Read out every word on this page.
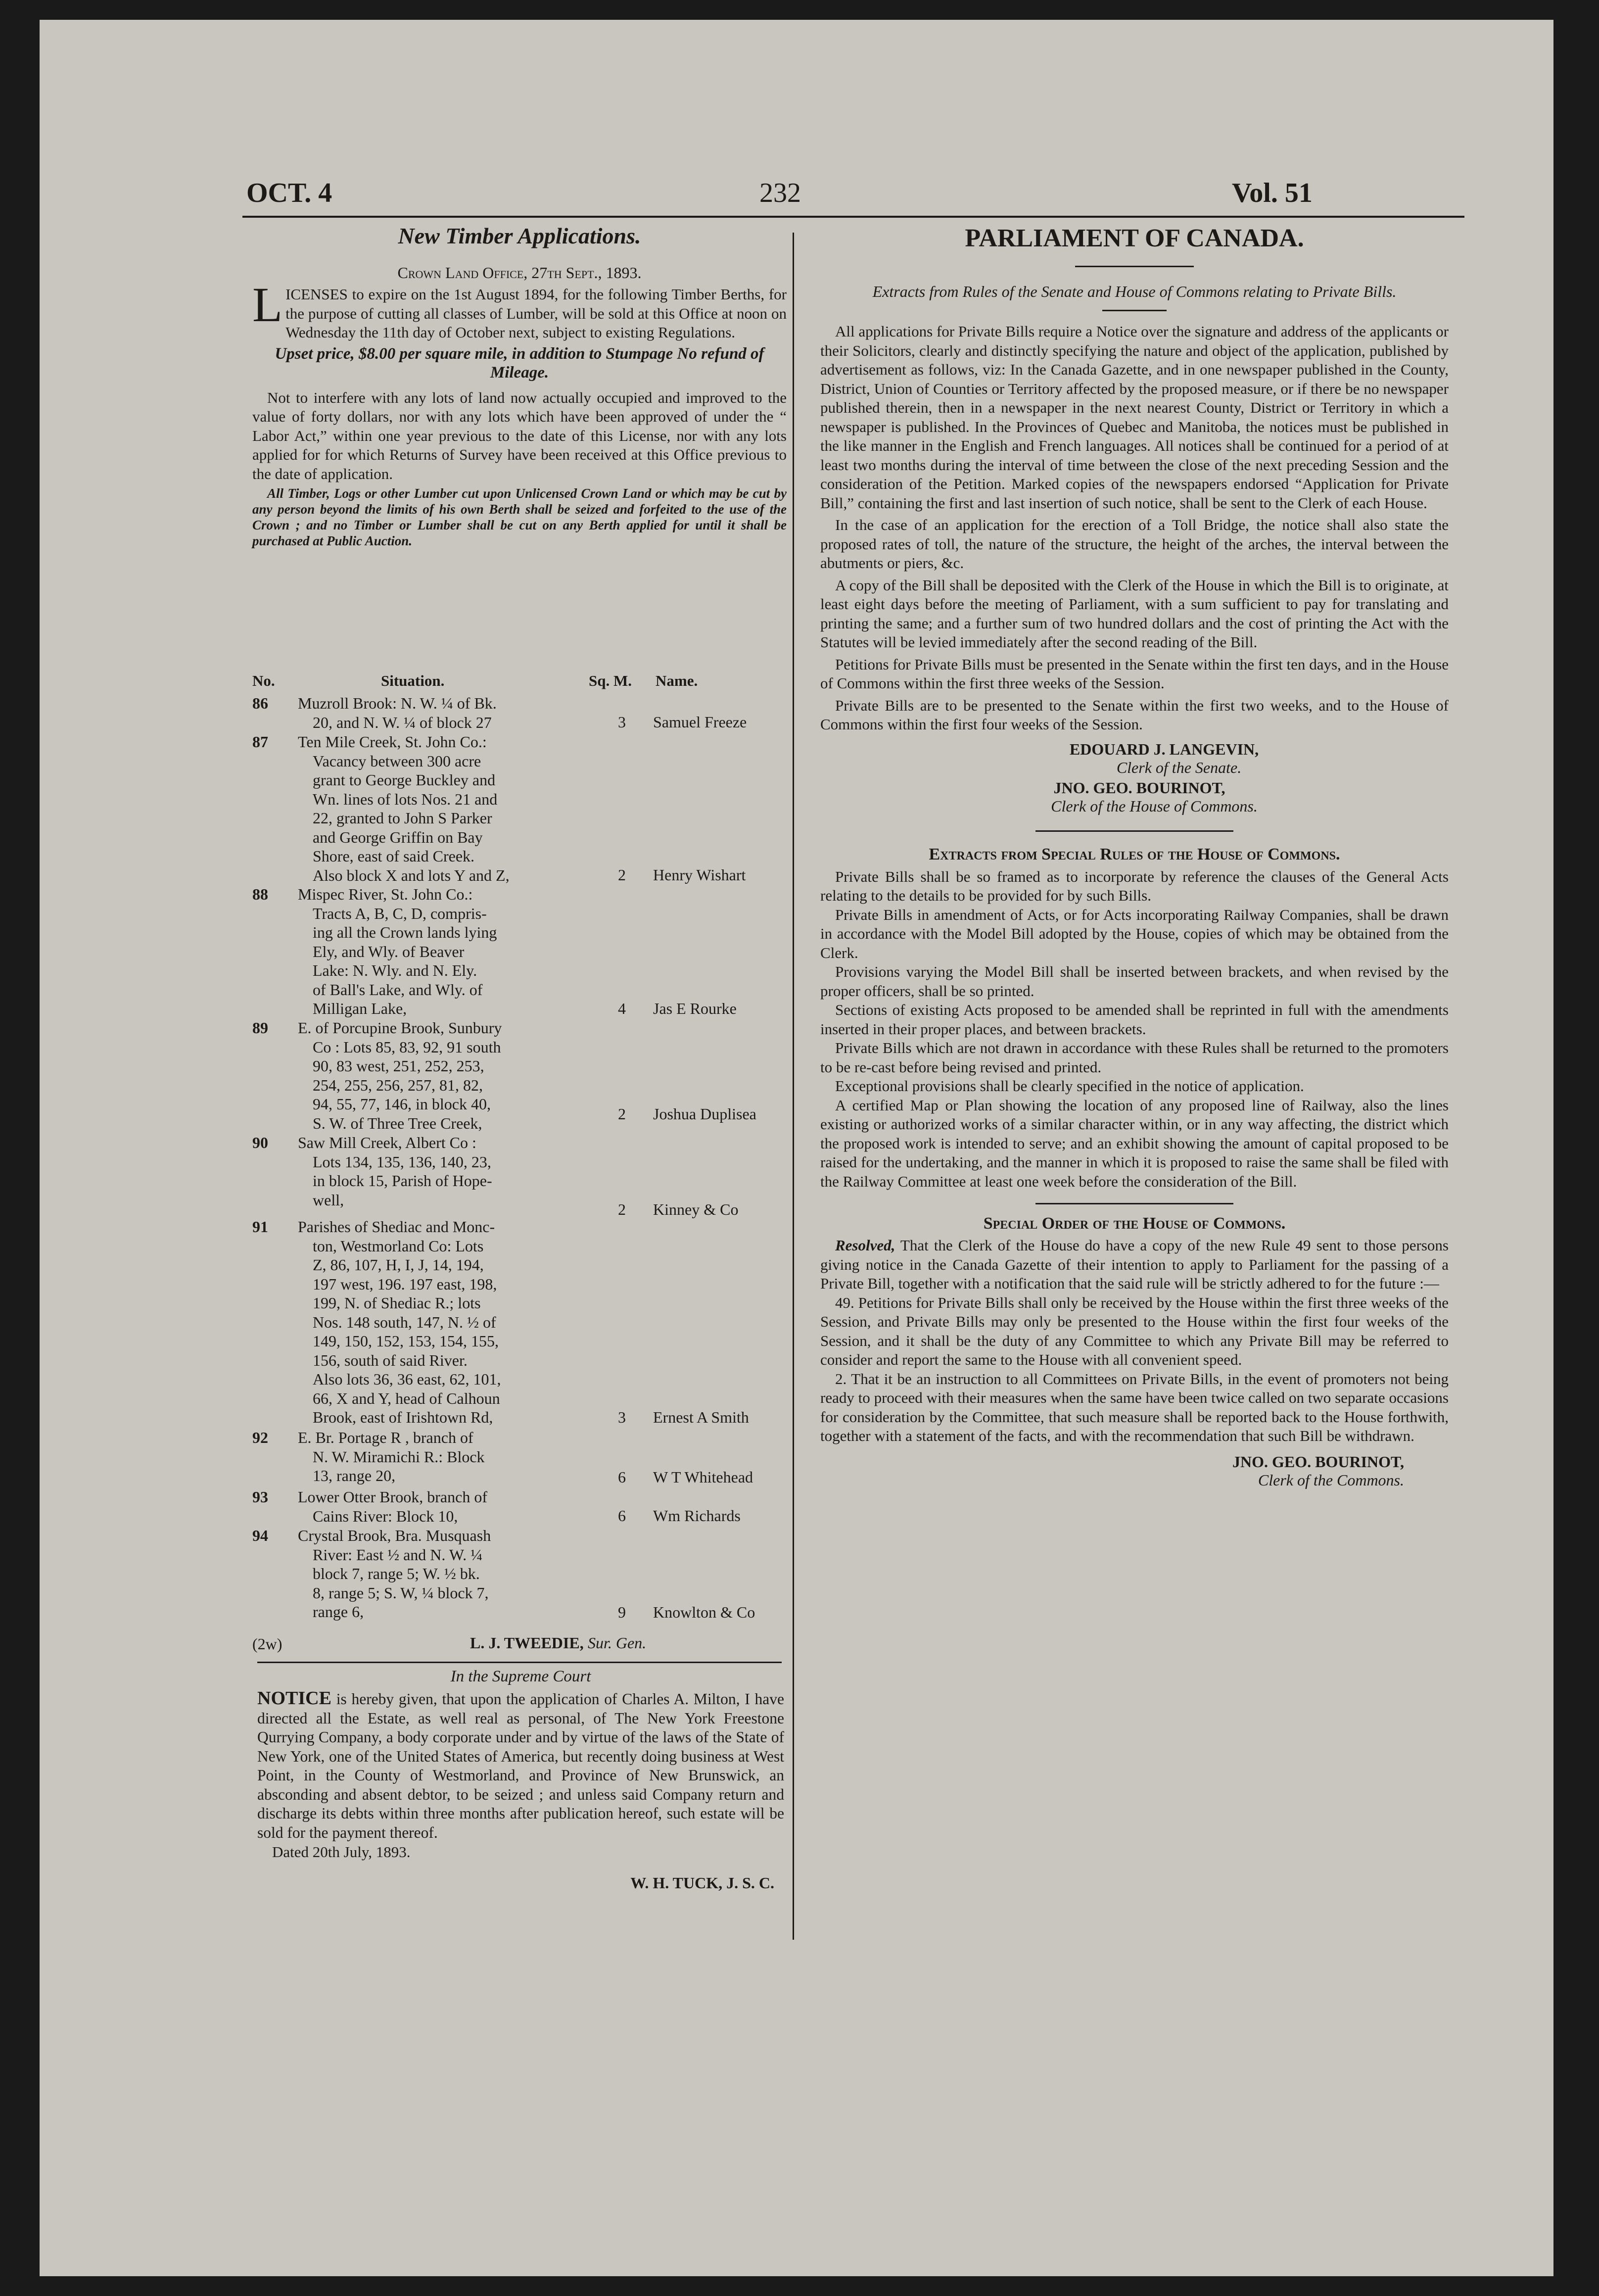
OCT. 4	232	Vol. 51
New Timber Applications.
Crown Land Office, 27th Sept., 1893.
L ICENSES to expire on the 1st August 1894, for the following Timber Berths, for the purpose of cutting all classes of Lumber, will be sold at this Office at noon on Wednesday the 11th day of October next, subject to existing Regulations.

Upset price, $8.00 per square mile, in addition to Stumpage No refund of Mileage.

Not to interfere with any lots of land now actually occupied and improved to the value of forty dollars, nor with any lots which have been approved of under the “ Labor Act,” within one year previous to the date of this License, nor with any lots applied for for which Returns of Survey have been received at this Office previous to the date of application.

All Timber, Logs or other Lumber cut upon Unlicensed Crown Land or which may be cut by any person beyond the limits of his own Berth shall be seized and forfeited to the use of the Crown ; and no Timber or Lumber shall be cut on any Berth applied for until it shall be purchased at Public Auction.

No.	Situation.	Sq. M. Name.
86	Muzroll Brook: N. W. ¼ of Bk.
20, and N. W. ¼ of block 27	3	Samuel Freeze
87	Ten Mile Creek, St. John Co.:
Vacancy between 300 acre
grant to George Buckley and
Wn. lines of lots Nos. 21 and
22, granted to John S Parker
and George Griffin on Bay
Shore, east of said Creek.
Also block X and lots Y and Z,	2	Henry Wishart
88	Mispec River, St. John Co.:
Tracts A, B, C, D, compris-
ing all the Crown lands lying
Ely, and Wly. of Beaver
Lake: N. Wly. and N. Ely.
of Ball's Lake, and Wly. of
Milligan Lake,	4	Jas E Rourke
89	E. of Porcupine Brook, Sunbury
Co : Lots 85, 83, 92, 91 south
90, 83 west, 251, 252, 253,
254, 255, 256, 257, 81, 82,
94, 55, 77, 146, in block 40,
S. W. of Three Tree Creek,
2	Joshua Duplisea
90	Saw Mill Creek, Albert Co :
Lots 134, 135, 136, 140, 23,
in block 15, Parish of Hope-
well,
2	Kinney & Co
91	Parishes of Shediac and Monc-
ton, Westmorland Co: Lots
Z, 86, 107, H, I, J, 14, 194,
197 west, 196. 197 east, 198,
199, N. of Shediac R.; lots
Nos. 148 south, 147, N. ½ of
149, 150, 152, 153, 154, 155,
156, south of said River.
Also lots 36, 36 east, 62, 101,
66, X and Y, head of Calhoun
Brook, east of Irishtown Rd,	3	Ernest A Smith
92	E. Br. Portage R , branch of
N. W. Miramichi R.: Block
13, range 20,	6	W T Whitehead
93	Lower Otter Brook, branch of
Cains River: Block 10,	6	Wm Richards
94	Crystal Brook, Bra. Musquash
River: East ½ and N. W. ¼
block 7, range 5; W. ½ bk.
8, range 5; S. W, ¼ block 7,
range 6,	9	Knowlton & Co
(2w)	L. J. TWEEDIE, Sur. Gen.
In the Supreme Court

NOTICE is hereby given, that upon the application of Charles A. Milton, I have directed all the Estate, as well real as personal, of The New York Freestone Qurrying Company, a body corporate under and by virtue of the laws of the State of New York, one of the United States of America, but recently doing business at West Point, in the County of Westmorland, and Province of New Brunswick, an absconding and absent debtor, to be seized ; and unless said Company return and discharge its debts within three months after publication hereof, such estate will be sold for the payment thereof.

Dated 20th July, 1893.
W. H. TUCK, J. S. C.
PARLIAMENT OF CANADA.
Extracts from Rules of the Senate and House of Commons relating to Private Bills.

All applications for Private Bills require a Notice over the signature and address of the applicants or their Solicitors, clearly and distinctly specifying the nature and object of the application, published by advertisement as follows, viz: In the Canada Gazette, and in one newspaper published in the County, District, Union of Counties or Territory affected by the proposed measure, or if there be no newspaper published therein, then in a newspaper in the next nearest County, District or Territory in which a newspaper is published. In the Provinces of Quebec and Manitoba, the notices must be published in the like manner in the English and French languages. All notices shall be continued for a period of at least two months during the interval of time between the close of the next preceding Session and the consideration of the Petition. Marked copies of the newspapers endorsed “Application for Private Bill,” containing the first and last insertion of such notice, shall be sent to the Clerk of each House.

In the case of an application for the erection of a Toll Bridge, the notice shall also state the proposed rates of toll, the nature of the structure, the height of the arches, the interval between the abutments or piers, &c.

A copy of the Bill shall be deposited with the Clerk of the House in which the Bill is to originate, at least eight days before the meeting of Parliament, with a sum sufficient to pay for translating and printing the same; and a further sum of two hundred dollars and the cost of printing the Act with the Statutes will be levied immediately after the second reading of the Bill.

Petitions for Private Bills must be presented in the Senate within the first ten days, and in the House of Commons within the first three weeks of the Session.

Private Bills are to be presented to the Senate within the first two weeks, and to the House of Commons within the first four weeks of the Session.

EDOUARD J. LANGEVIN,
Clerk of the Senate.
JNO. GEO. BOURINOT,
Clerk of the House of Commons.
Extracts from Special Rules of the House of Commons.

Private Bills shall be so framed as to incorporate by reference the clauses of the General Acts relating to the details to be provided for by such Bills.

Private Bills in amendment of Acts, or for Acts incorporating Railway Companies, shall be drawn in accordance with the Model Bill adopted by the House, copies of which may be obtained from the Clerk.

Provisions varying the Model Bill shall be inserted between brackets, and when revised by the proper officers, shall be so printed.

Sections of existing Acts proposed to be amended shall be reprinted in full with the amendments inserted in their proper places, and between brackets.

Private Bills which are not drawn in accordance with these Rules shall be returned to the promoters to be re-cast before being revised and printed.

Exceptional provisions shall be clearly specified in the notice of application.

A certified Map or Plan showing the location of any proposed line of Railway, also the lines existing or authorized works of a similar character within, or in any way affecting, the district which the proposed work is intended to serve; and an exhibit showing the amount of capital proposed to be raised for the undertaking, and the manner in which it is proposed to raise the same shall be filed with the Railway Committee at least one week before the consideration of the Bill.

Special Order of the House of Commons.

Resolved, That the Clerk of the House do have a copy of the new Rule 49 sent to those persons giving notice in the Canada Gazette of their intention to apply to Parliament for the passing of a Private Bill, together with a notification that the said rule will be strictly adhered to for the future :—

49. Petitions for Private Bills shall only be received by the House within the first three weeks of the Session, and Private Bills may only be presented to the House within the first four weeks of the Session, and it shall be the duty of any Committee to which any Private Bill may be referred to consider and report the same to the House with all convenient speed.

2. That it be an instruction to all Committees on Private Bills, in the event of promoters not being ready to proceed with their measures when the same have been twice called on two separate occasions for consideration by the Committee, that such measure shall be reported back to the House forthwith, together with a statement of the facts, and with the recommendation that such Bill be withdrawn.

JNO. GEO. BOURINOT,
Clerk of the Commons.
